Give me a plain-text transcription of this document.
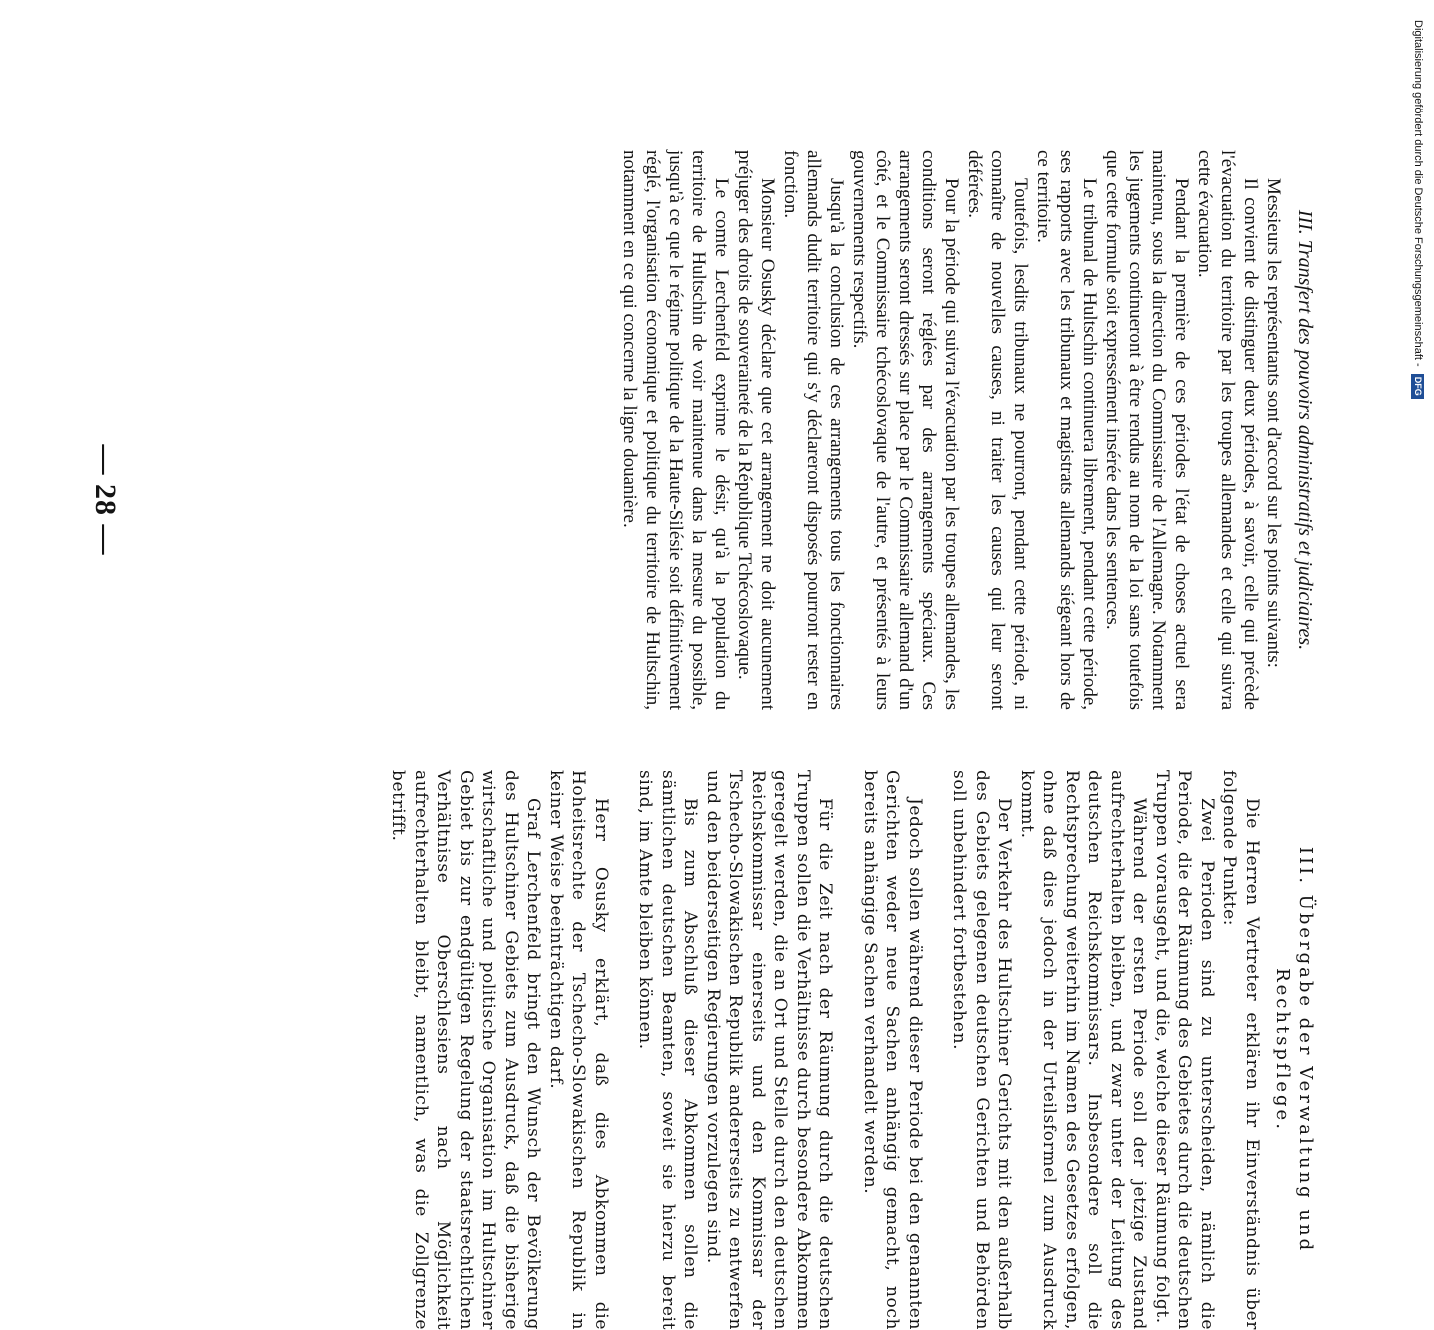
— 28 —	III. Transfert des pouvoirs administratifs et judiciaires.

Messieurs les représentants sont d'accord sur les points suivants:

Il convient de distinguer deux périodes, à savoir, celle qui précède l'évacuation du territoire par les troupes allemandes et celle qui suivra cette évacuation.

Pendant la première de ces périodes l'état de choses actuel sera maintenu, sous la direction du Commissaire de l'Allemagne. Notamment les jugements continueront à être rendus au nom de la loi sans toutefois que cette formule soit expressément insérée dans les sentences.

Le tribunal de Hultschin continuera librement, pendant cette période, ses rapports avec les tribunaux et magistrats allemands siégeant hors de ce territoire.

Toutefois, lesdits tribunaux ne pourront, pendant cette période, ni connaître de nouvelles causes, ni traiter les causes qui leur seront déférées.

Pour la période qui suivra l'évacuation par les troupes allemandes, les conditions seront réglées par des arrangements spéciaux. Ces arrangements seront dressés sur place par le Commissaire allemand d'un côté, et le Commissaire tchécoslovaque de l'autre, et présentés à leurs gouvernements respectifs.

Jusqu'à la conclusion de ces arrangements tous les fonctionnaires allemands dudit territoire qui s'y déclareront disposés pourront rester en fonction.

Monsieur Osusky déclare que cet arrangement ne doit aucunement préjuger des droits de souveraineté de la République Tchécoslovaque.

Le comte Lerchenfeld exprime le désir, qu'à la population du territoire de Hultschin de voir maintenue dans la mesure du possible, jusqu'à ce que le régime politique de la Haute-Silésie soit définitivement réglé, l'organisation économique et politique du territoire de Hultschin, notamment en ce qui concerne la ligne douanière.

III. Übergabe der Verwaltung und Rechtspflege.

Die Herren Vertreter erklären ihr Einverständnis über folgende Punkte:

Zwei Perioden sind zu unterscheiden, nämlich die Periode, die der Räumung des Gebietes durch die deutschen Truppen vorausgeht, und die, welche dieser Räumung folgt.

Während der ersten Periode soll der jetzige Zustand aufrechterhalten bleiben, und zwar unter der Leitung des deutschen Reichskommissars. Insbesondere soll die Rechtsprechung weiterhin im Namen des Gesetzes erfolgen, ohne daß dies jedoch in der Urteilsformel zum Ausdruck kommt.

Der Verkehr des Hultschiner Gerichts mit den außerhalb des Gebiets gelegenen deutschen Gerichten und Behörden soll unbehindert fortbestehen.

Jedoch sollen während dieser Periode bei den genannten Gerichten weder neue Sachen anhängig gemacht, noch bereits anhängige Sachen verhandelt werden.

Für die Zeit nach der Räumung durch die deutschen Truppen sollen die Verhältnisse durch besondere Abkommen geregelt werden, die an Ort und Stelle durch den deutschen Reichskommissar einerseits und den Kommissar der Tschecho-Slowakischen Republik andererseits zu entwerfen und den beiderseitigen Regierungen vorzulegen sind.

Bis zum Abschluß dieser Abkommen sollen die sämtlichen deutschen Beamten, soweit sie hierzu bereit sind, im Amte bleiben können.

Herr Osusky erklärt, daß dies Abkommen die Hoheitsrechte der Tschecho-Slowakischen Republik in keiner Weise beeinträchtigen darf.

Graf Lerchenfeld bringt den Wunsch der Bevölkerung des Hultschiner Gebiets zum Ausdruck, daß die bisherige wirtschaftliche und politische Organisation im Hultschiner Gebiet bis zur endgültigen Regelung der staatsrechtlichen Verhältnisse Oberschlesiens nach Möglichkeit aufrechterhalten bleibt, namentlich, was die Zollgrenze betrifft.

Digitalisierung gefördert durch die Deutsche Forschungsgemeinschaft - DFG
